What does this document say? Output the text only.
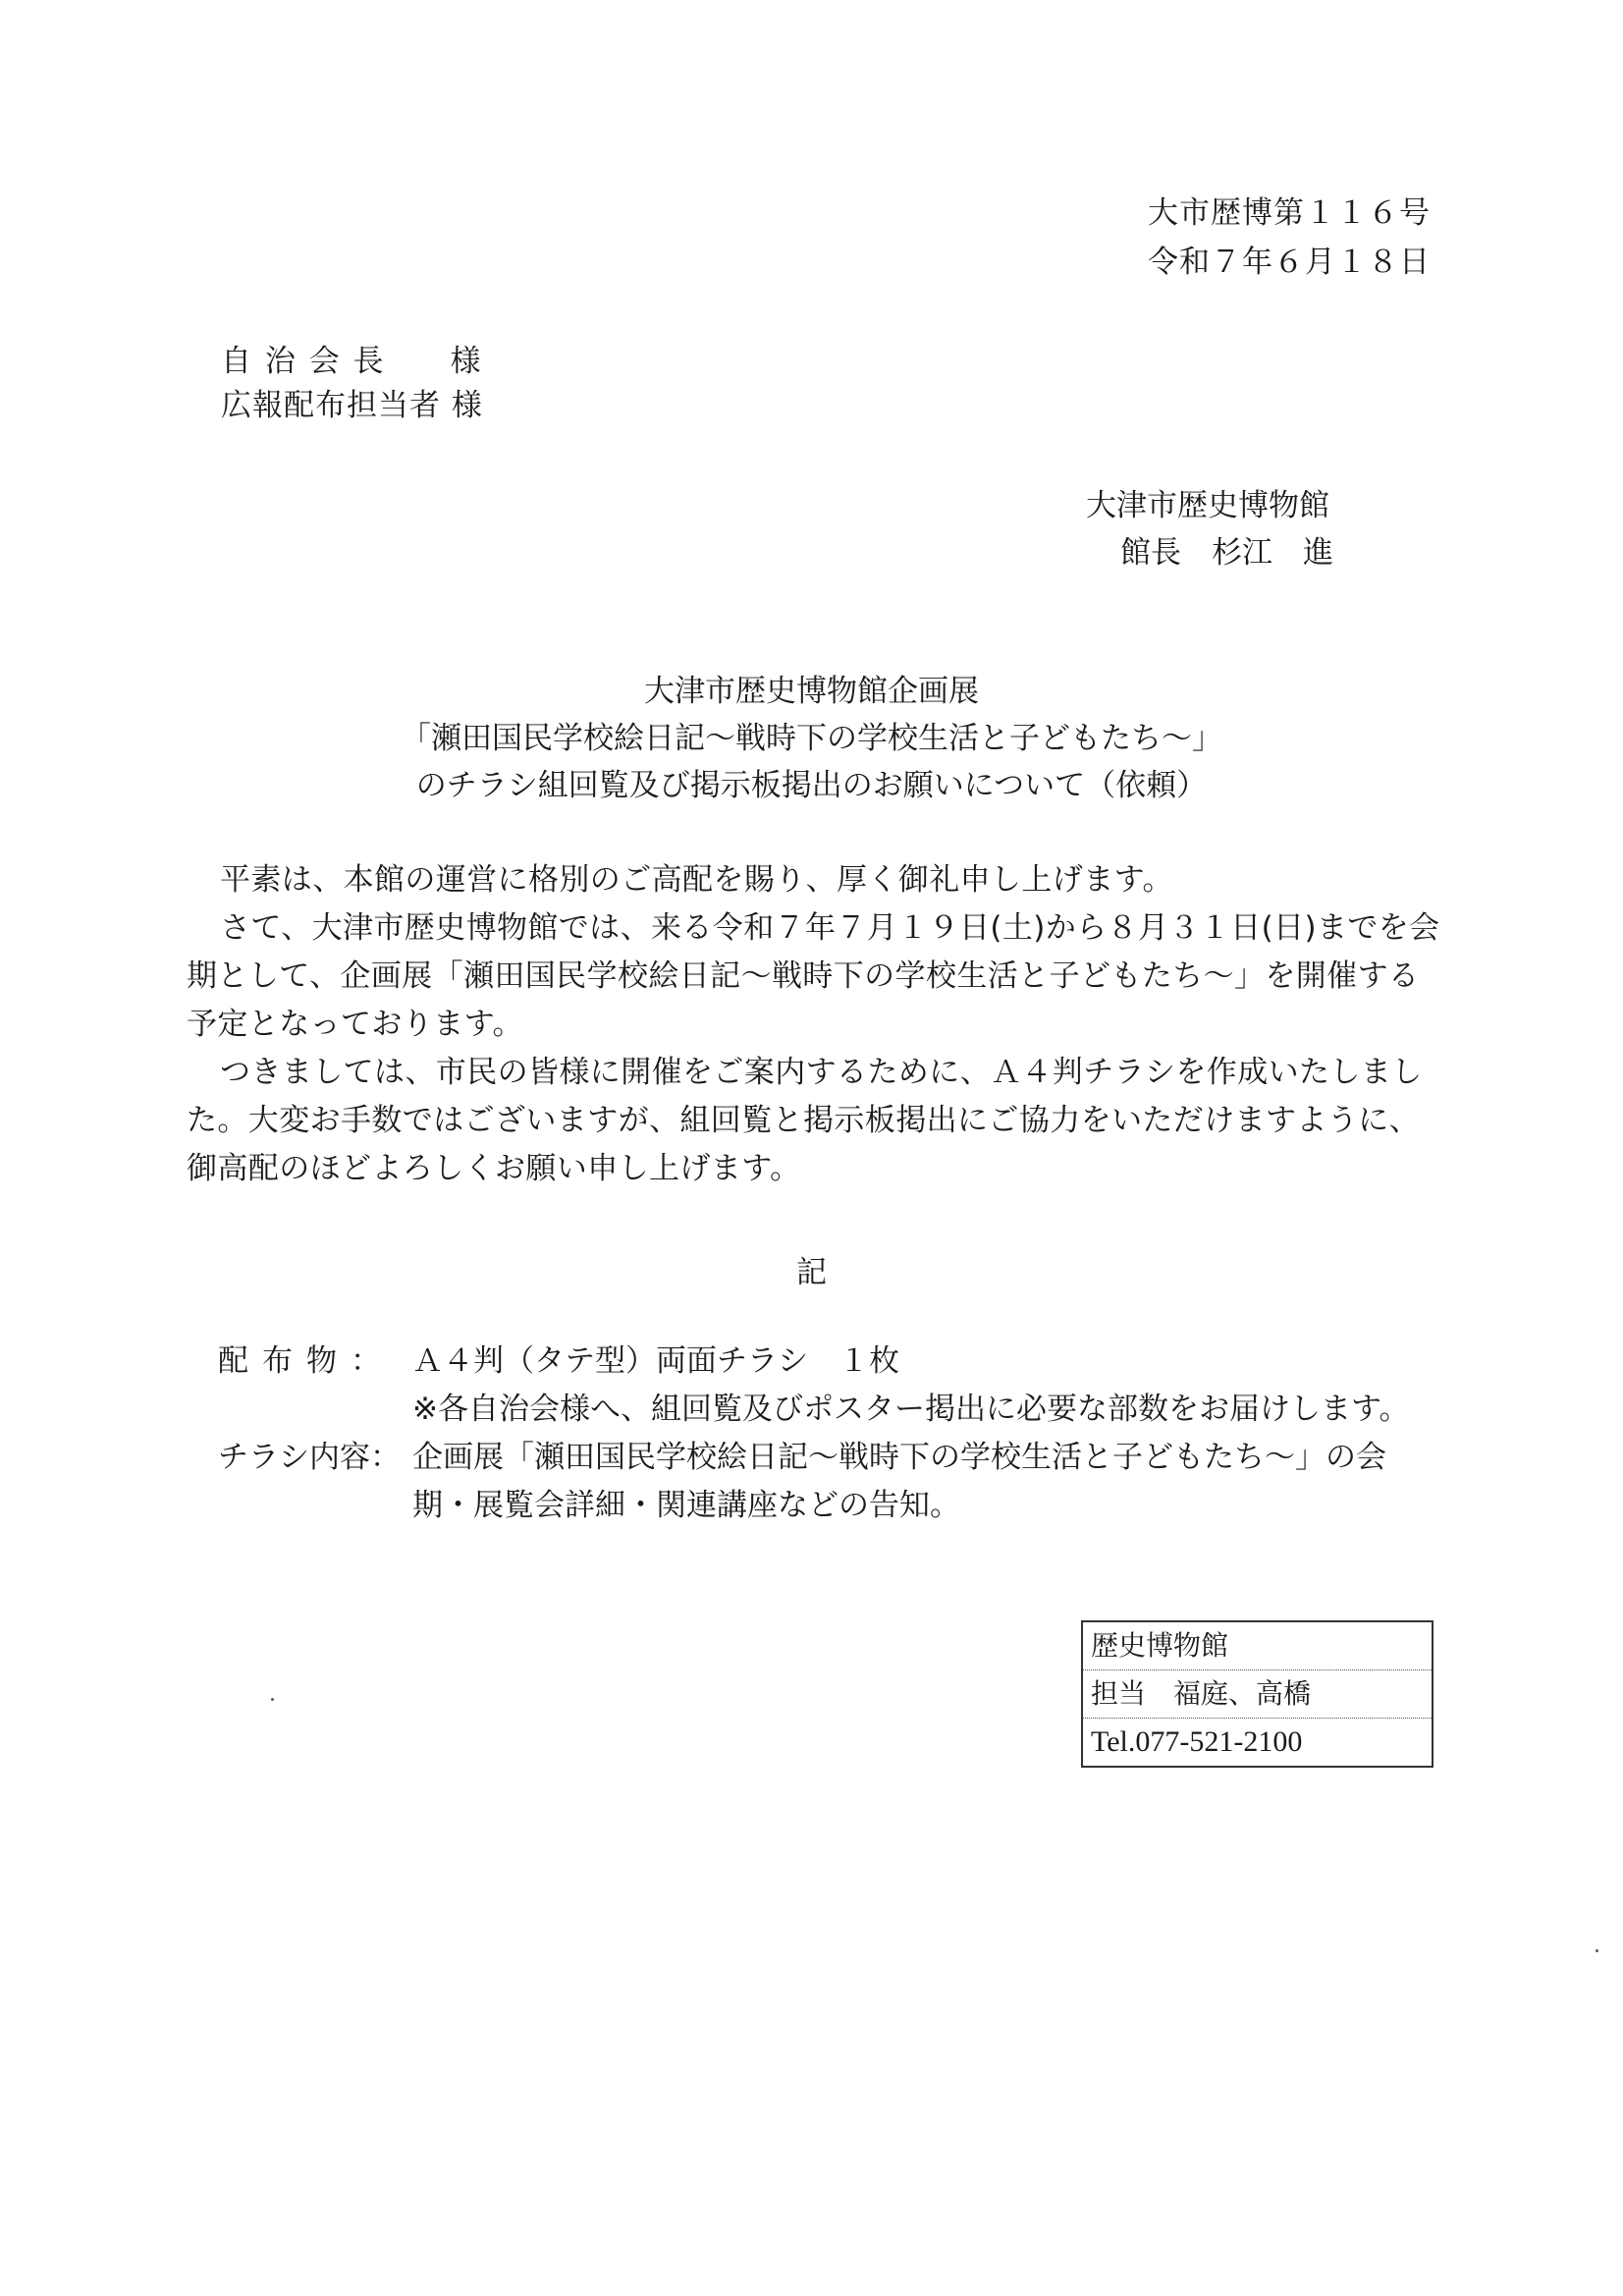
大市歴博第１１６号
令和７年６月１８日
自 治 会 長　　様
広報配布担当者 様
大津市歴史博物館
館長　杉江　進
大津市歴史博物館企画展
「瀬田国民学校絵日記～戦時下の学校生活と子どもたち～」
のチラシ組回覧及び掲示板掲出のお願いについて（依頼）

平素は、本館の運営に格別のご高配を賜り、厚く御礼申し上げます。

さて、大津市歴史博物館では、来る令和７年７月１９日(土)から８月３１日(日)までを会

期として、企画展「瀬田国民学校絵日記～戦時下の学校生活と子どもたち～」を開催する

予定となっております。

つきましては、市民の皆様に開催をご案内するために、Ａ４判チラシを作成いたしまし

た。大変お手数ではございますが、組回覧と掲示板掲出にご協力をいただけますように、

御高配のほどよろしくお願い申し上げます。

記
配布物： Ａ４判（タテ型）両面チラシ　１枚
※各自治会様へ、組回覧及びポスター掲出に必要な部数をお届けします。
チラシ内容： 企画展「瀬田国民学校絵日記～戦時下の学校生活と子どもたち～」の会
期・展覧会詳細・関連講座などの告知。
歴史博物館
担当　福庭、高橋
Tel.077-521-2100
